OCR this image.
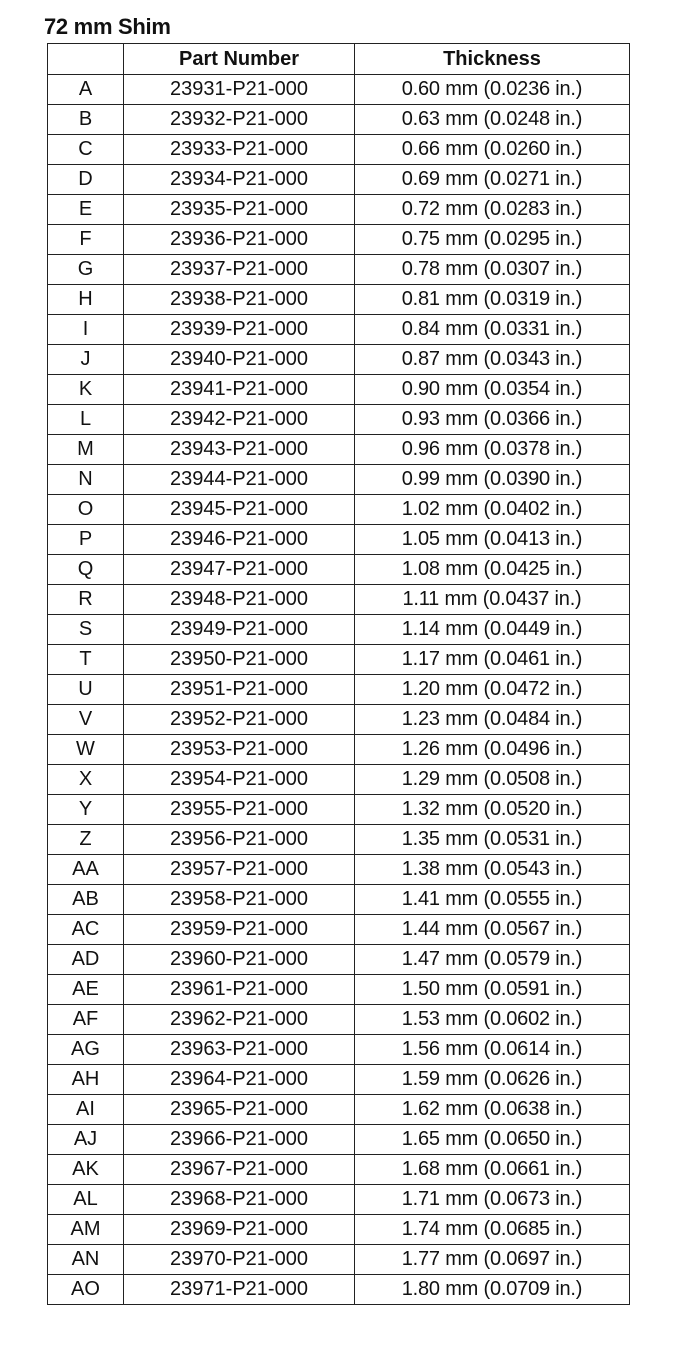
72 mm Shim
	Part Number	Thickness
A	23931-P21-000	0.60 mm (0.0236 in.)
B	23932-P21-000	0.63 mm (0.0248 in.)
C	23933-P21-000	0.66 mm (0.0260 in.)
D	23934-P21-000	0.69 mm (0.0271 in.)
E	23935-P21-000	0.72 mm (0.0283 in.)
F	23936-P21-000	0.75 mm (0.0295 in.)
G	23937-P21-000	0.78 mm (0.0307 in.)
H	23938-P21-000	0.81 mm (0.0319 in.)
I	23939-P21-000	0.84 mm (0.0331 in.)
J	23940-P21-000	0.87 mm (0.0343 in.)
K	23941-P21-000	0.90 mm (0.0354 in.)
L	23942-P21-000	0.93 mm (0.0366 in.)
M	23943-P21-000	0.96 mm (0.0378 in.)
N	23944-P21-000	0.99 mm (0.0390 in.)
O	23945-P21-000	1.02 mm (0.0402 in.)
P	23946-P21-000	1.05 mm (0.0413 in.)
Q	23947-P21-000	1.08 mm (0.0425 in.)
R	23948-P21-000	1.11 mm (0.0437 in.)
S	23949-P21-000	1.14 mm (0.0449 in.)
T	23950-P21-000	1.17 mm (0.0461 in.)
U	23951-P21-000	1.20 mm (0.0472 in.)
V	23952-P21-000	1.23 mm (0.0484 in.)
W	23953-P21-000	1.26 mm (0.0496 in.)
X	23954-P21-000	1.29 mm (0.0508 in.)
Y	23955-P21-000	1.32 mm (0.0520 in.)
Z	23956-P21-000	1.35 mm (0.0531 in.)
AA	23957-P21-000	1.38 mm (0.0543 in.)
AB	23958-P21-000	1.41 mm (0.0555 in.)
AC	23959-P21-000	1.44 mm (0.0567 in.)
AD	23960-P21-000	1.47 mm (0.0579 in.)
AE	23961-P21-000	1.50 mm (0.0591 in.)
AF	23962-P21-000	1.53 mm (0.0602 in.)
AG	23963-P21-000	1.56 mm (0.0614 in.)
AH	23964-P21-000	1.59 mm (0.0626 in.)
AI	23965-P21-000	1.62 mm (0.0638 in.)
AJ	23966-P21-000	1.65 mm (0.0650 in.)
AK	23967-P21-000	1.68 mm (0.0661 in.)
AL	23968-P21-000	1.71 mm (0.0673 in.)
AM	23969-P21-000	1.74 mm (0.0685 in.)
AN	23970-P21-000	1.77 mm (0.0697 in.)
AO	23971-P21-000	1.80 mm (0.0709 in.)
